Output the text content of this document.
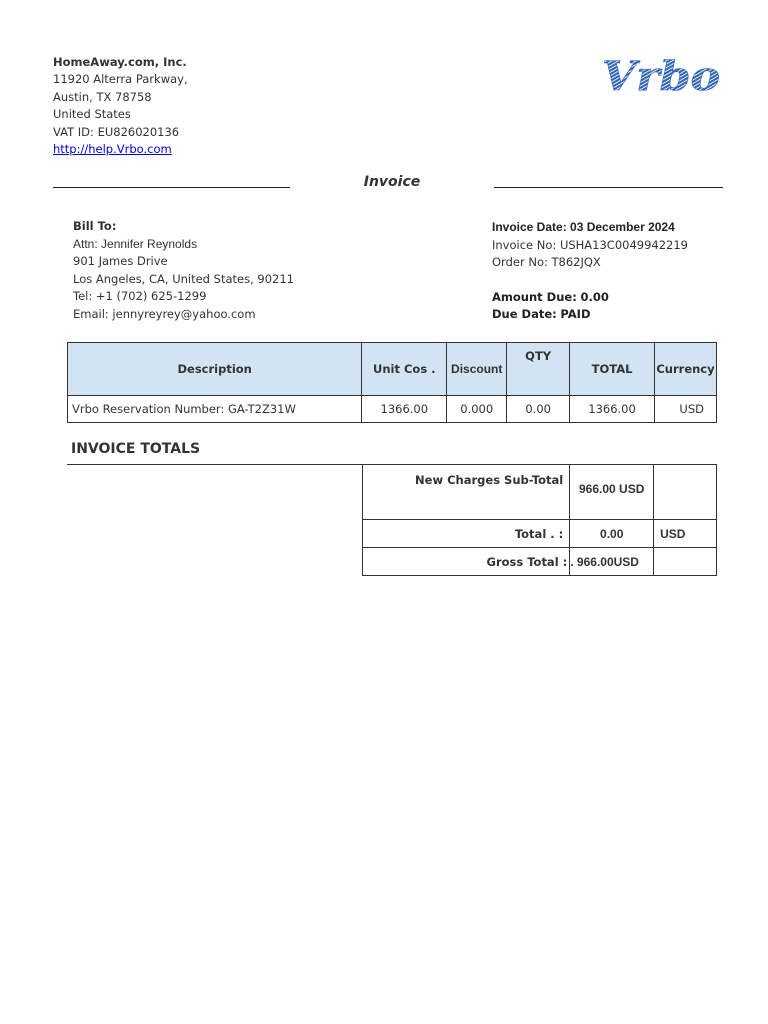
HomeAway.com, Inc.
11920 Alterra Parkway,
Austin, TX 78758
United States
VAT ID: EU826020136
http://help.Vrbo.com
Vrbo
Invoice
Bill To:
Attn: Jennifer Reynolds
901 James Drive
Los Angeles, CA, United States, 90211
Tel: +1 (702) 625-1299
Email: jennyreyrey@yahoo.com
Invoice Date: 03 December 2024
Invoice No: USHA13C0049942219
Order No: T862JQX
Amount Due: 0.00
Due Date: PAID
Description	Unit Cos .	Discount	QTY	TOTAL	Currency
Vrbo Reservation Number: GA-T2Z31W	1366.00	0.000	0.00	1366.00	USD
INVOICE TOTALS
New Charges Sub-Total	966.00 USD	
Total . :	0.00	USD
Gross Total :	. 966.00USD	
